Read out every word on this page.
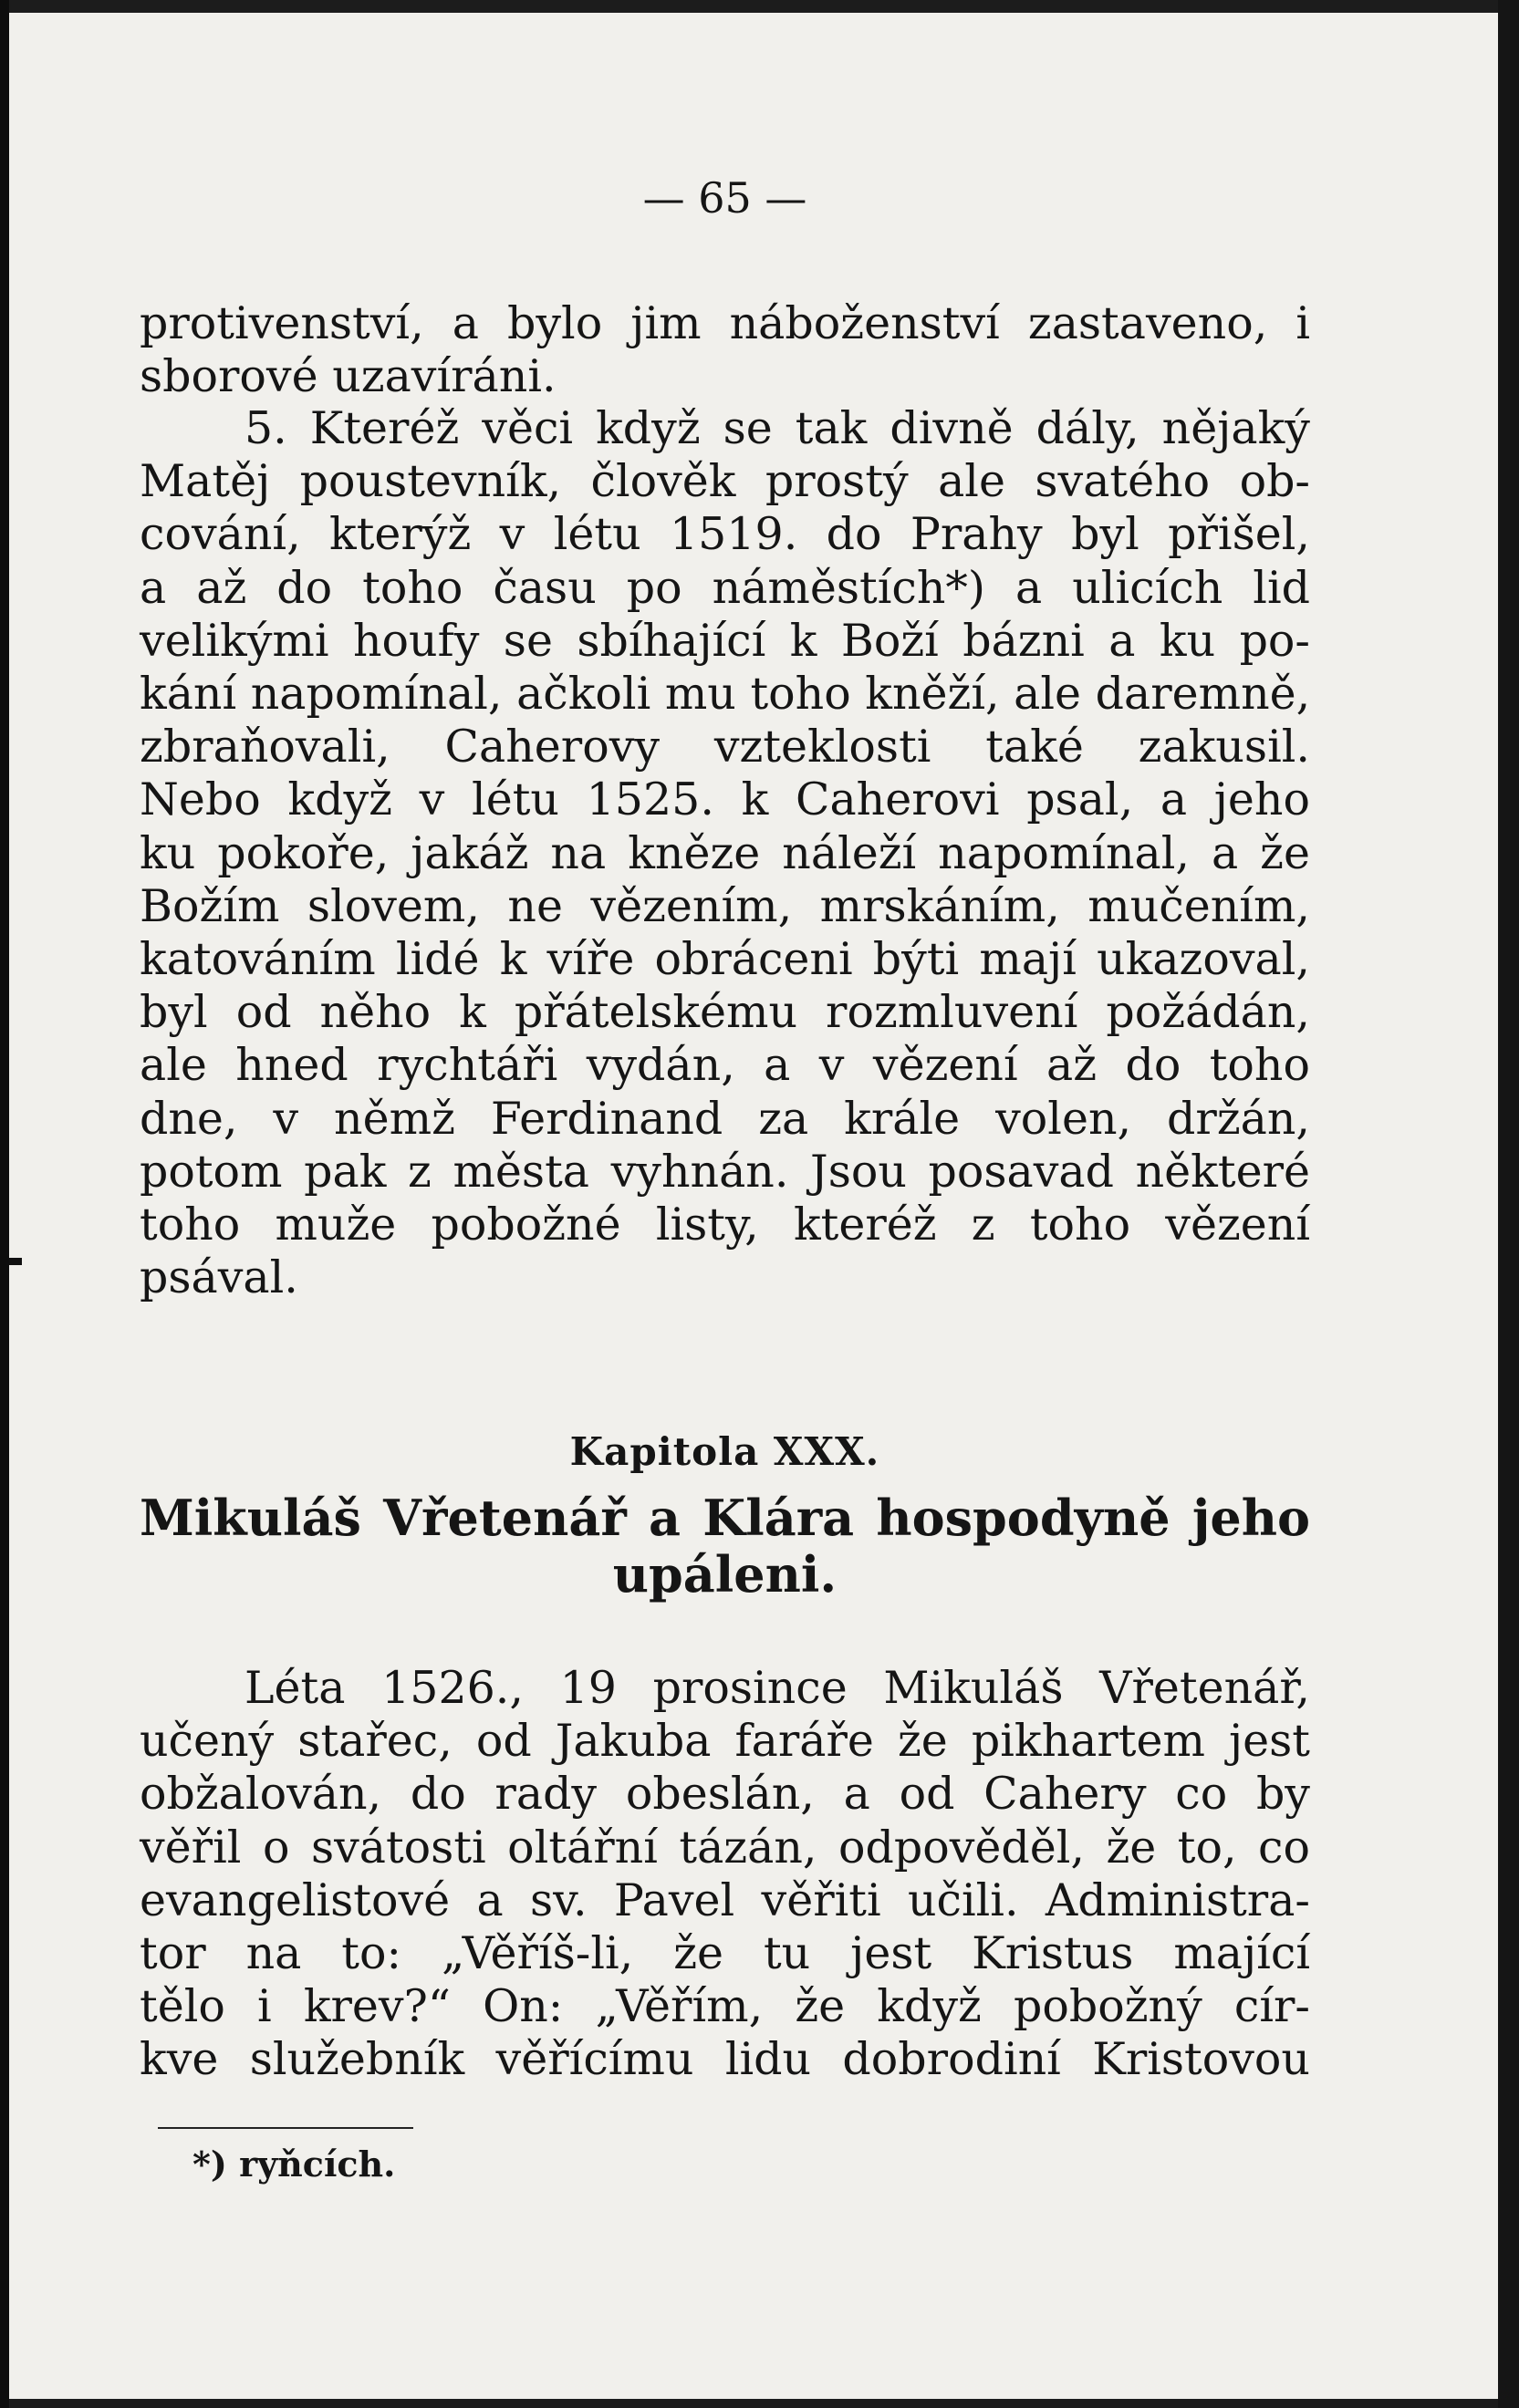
— 65 —
protivenství, a bylo jim náboženství zastaveno, i
sborové uzavíráni.
5. Kteréž věci když se tak divně dály, nějaký
Matěj poustevník, člověk prostý ale svatého ob-
cování, kterýž v létu 1519. do Prahy byl přišel,
a až do toho času po náměstích*) a ulicích lid
velikými houfy se sbíhající k Boží bázni a ku po-
kání napomínal, ačkoli mu toho kněží, ale daremně,
zbraňovali, Caherovy vzteklosti také zakusil.
Nebo když v létu 1525. k Caherovi psal, a jeho
ku pokoře, jakáž na kněze náleží napomínal, a že
Božím slovem, ne vězením, mrskáním, mučením,
katováním lidé k víře obráceni býti mají ukazoval,
byl od něho k přátelskému rozmluvení požádán,
ale hned rychtáři vydán, a v vězení až do toho
dne, v němž Ferdinand za krále volen, držán,
potom pak z města vyhnán. Jsou posavad některé
toho muže pobožné listy, kteréž z toho vězení
psával.
Kapitola XXX.
Mikuláš Vřetenář a Klára hospodyně jeho
upáleni.
Léta 1526., 19 prosince Mikuláš Vřetenář,
učený stařec, od Jakuba faráře že pikhartem jest
obžalován, do rady obeslán, a od Cahery co by
věřil o svátosti oltářní tázán, odpověděl, že to, co
evangelistové a sv. Pavel věřiti učili. Administra-
tor na to: „Věříš-li, že tu jest Kristus mající
tělo i krev?“ On: „Věřím, že když pobožný cír-
kve služebník věřícímu lidu dobrodiní Kristovou
*) ryňcích.
